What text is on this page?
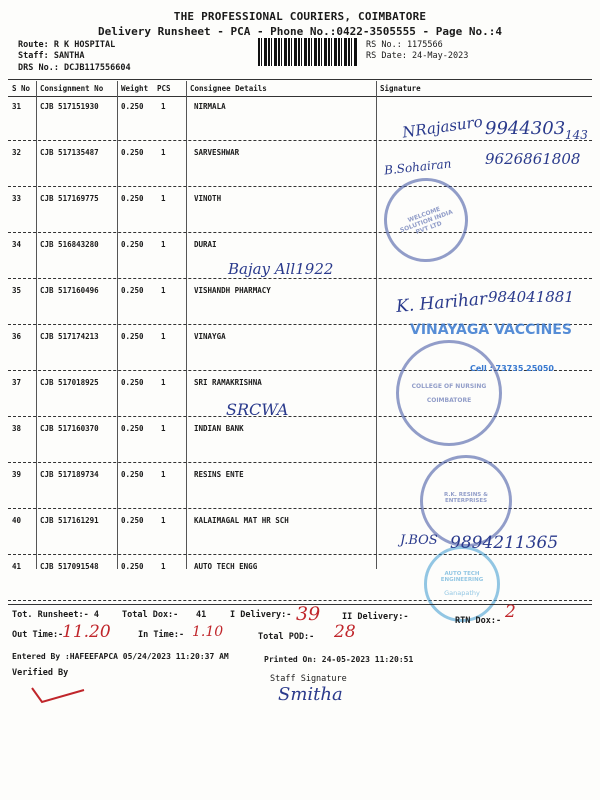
THE PROFESSIONAL COURIERS, COIMBATORE
Delivery Runsheet - PCA - Phone No.:0422-3505555 - Page No.:4
Route: R K HOSPITAL
Staff: SANTHA
DRS No.: DCJB117556604
RS No.: 1175566
RS Date: 24-May-2023
S No Consignment No Weight PCS	Consignee Details	Signature
31	CJB 517151930	0.250 1	NIRMALA
32	CJB 517135487	0.250 1	SARVESHWAR
33	CJB 517169775	0.250 1	VINOTH
34	CJB 516843280	0.250 1	DURAI
35	CJB 517160496	0.250 1	VISHANDH PHARMACY
36	CJB 517174213	0.250 1	VINAYGA
37	CJB 517018925	0.250 1	SRI RAMAKRISHNA
38	CJB 517160370	0.250 1	INDIAN BANK
39	CJB 517189734	0.250 1	RESINS ENTE
40	CJB 517161291	0.250 1	KALAIMAGAL MAT HR SCH
41	CJB 517091548	0.250 1	AUTO TECH ENGG
WELCOME SOLUTION INDIA PVT LTD
VINAYAGA VACCINES
Cell : 73735 25050
COLLEGE OF NURSING
COIMBATORE
R.K. RESINS & ENTERPRISES
AUTO TECH ENGINEERING
Ganapathy
NRajasuro 9944303 143
B.Sohairan 9626861808
Bajay All1922
K. Harihar 984041881
SRCWA
J.BOS 9894211365
Tot. Runsheet:- 4	Total Dox:- 41	I Delivery:- 39	II Delivery:-	RTN Dox:- 2
Out Time:-
11.20	In Time:- 1.10	Total POD:- 28
Entered By :HAFEEFAPCA 05/24/2023 11:20:37 AM	Printed On: 24-05-2023 11:20:51
Verified By
Staff Signature
Smitha
